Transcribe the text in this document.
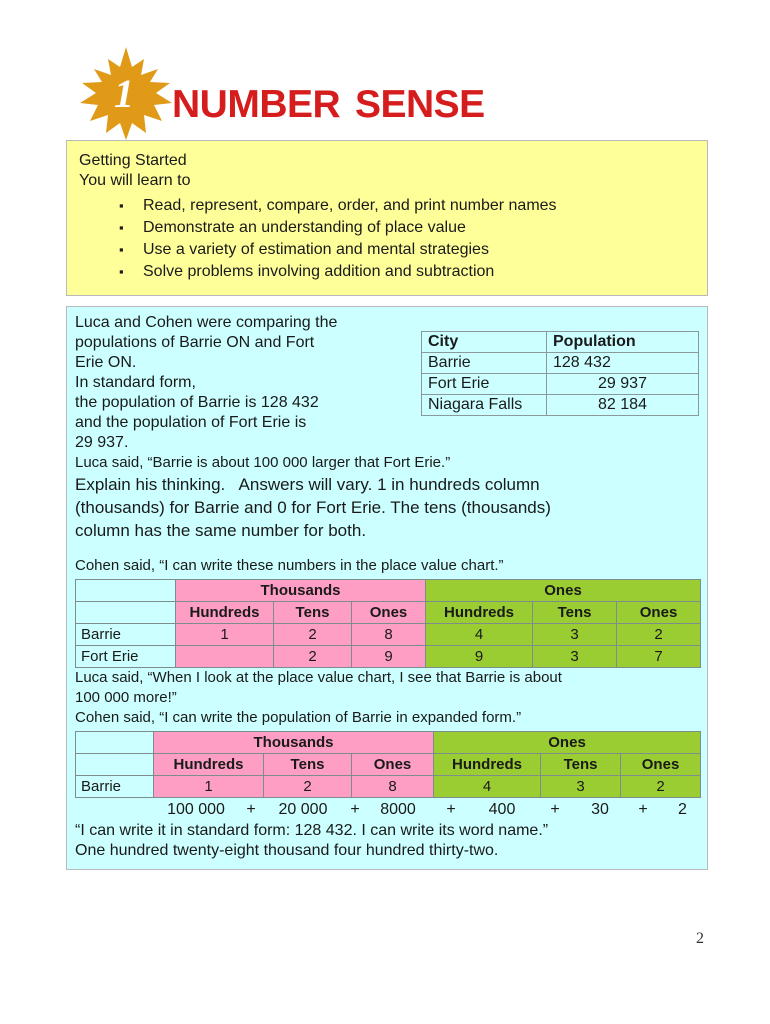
1 number sense
Getting Started
You will learn to
▪ Read, represent, compare, order, and print number names
▪ Demonstrate an understanding of place value
▪ Use a variety of estimation and mental strategies
▪ Solve problems involving addition and subtraction
City	Population
Barrie	128 432
Fort Erie	29 937
Niagara Falls	82 184
Luca and Cohen were comparing the populations of Barrie ON and Fort
Erie ON.
In standard form,
the population of Barrie is 128 432
and the population of Fort Erie is
29 937.
Luca said, “Barrie is about 100 000 larger that Fort Erie.”
Explain his thinking. Answers will vary. 1 in hundreds column
(thousands) for Barrie and 0 for Fort Erie. The tens (thousands)
column has the same number for both.
Cohen said, “I can write these numbers in the place value chart.”
	Thousands			Ones		
	Hundreds	Tens	Ones	Hundreds	Tens	Ones
Barrie	1	2	8	4	3	2
Fort Erie		2	9	9	3	7
Luca said, “When I look at the place value chart, I see that Barrie is about
100 000 more!”
Cohen said, “I can write the population of Barrie in expanded form.”
	Thousands			Ones		
	Hundreds	Tens	Ones	Hundreds	Tens	Ones
Barrie	1	2	8	4	3	2
	100 000	+	20 000	+	8000	+	400	+	30	+	2
“I can write it in standard form: 128 432. I can write its word name.”
One hundred twenty-eight thousand four hundred thirty-two.
2
